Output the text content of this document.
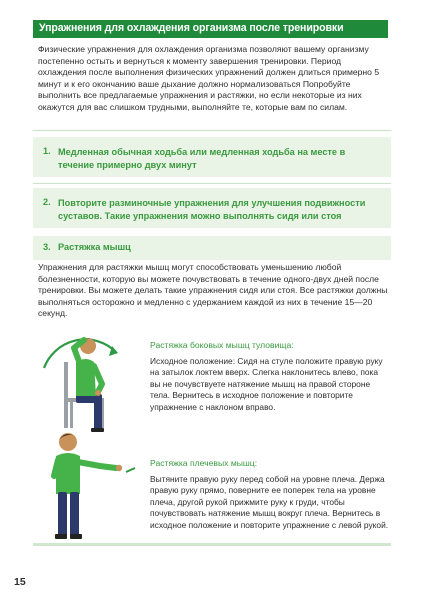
Упражнения для охлаждения организма после тренировки

Физические упражнения для охлаждения организма позволяют вашему организму постепенно остыть и вернуться к моменту завершения тренировки. Период охлаждения после выполнения физических упражнений должен длиться примерно 5 минут и к его окончанию ваше дыхание должно нормализоваться Попробуйте выполнить все предлагаемые упражнения и растяжки, но если некоторые из них окажутся для вас слишком трудными, выполняйте те, которые вам по силам.

1. Медленная обычная ходьба или медленная ходьба на месте в течение примерно двух минут
2. Повторите разминочные упражнения для улучшения подвижности суставов. Такие упражнения можно выполнять сидя или стоя
3. Растяжка мышц

Упражнения для растяжки мышц могут способствовать уменьшению любой болезненности, которую вы можете почувствовать в течение одного-двух дней после тренировки. Вы можете делать такие упражнения сидя или стоя. Все растяжки должны выполняться осторожно и медленно с удержанием каждой из них в течение 15—20 секунд.

Растяжка боковых мышц туловища:

Исходное положение: Сидя на стуле положите правую руку на затылок локтем вверх. Слегка наклонитесь влево, пока вы не почувствуете натяжение мышц на правой стороне тела. Вернитесь в исходное положение и повторите упражнение с наклоном вправо.

Растяжка плечевых мышц:

Вытяните правую руку перед собой на уровне плеча. Держа правую руку прямо, поверните ее поперек тела на уровне плеча, другой рукой прижмите руку к груди, чтобы почувствовать натяжение мышц вокруг плеча. Вернитесь в исходное положение и повторите упражнение с левой рукой.

15
